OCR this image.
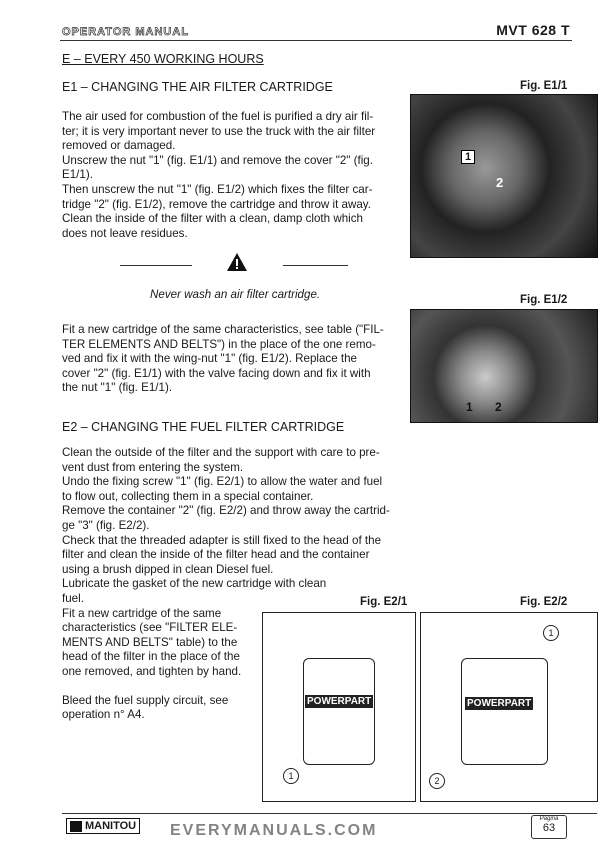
OPERATOR MANUAL	MVT 628 T
E – EVERY 450 WORKING HOURS
E1 – CHANGING THE AIR FILTER CARTRIDGE	Fig. E1/1
1
2
The air used for combustion of the fuel is purified a dry air fil-
ter; it is very important never to use the truck with the air filter
removed or damaged.
Unscrew the nut "1" (fig. E1/1) and remove the cover "2" (fig.
E1/1).
Then unscrew the nut "1" (fig. E1/2) which fixes the filter car-
tridge "2" (fig. E1/2), remove the cartridge and throw it away.
Clean the inside of the filter with a clean, damp cloth which
does not leave residues.
Never wash an air filter cartridge.	Fig. E1/2
1 2
Fit a new cartridge of the same characteristics, see table ("FIL-
TER ELEMENTS AND BELTS") in the place of the one remo-
ved and fix it with the wing-nut "1" (fig. E1/2). Replace the
cover "2" (fig. E1/1) with the valve facing down and fix it with
the nut "1" (fig. E1/1).
E2 – CHANGING THE FUEL FILTER CARTRIDGE
Clean the outside of the filter and the support with care to pre-
vent dust from entering the system.
Undo the fixing screw "1" (fig. E2/1) to allow the water and fuel
to flow out, collecting them in a special container.
Remove the container "2" (fig. E2/2) and throw away the cartrid-
ge "3" (fig. E2/2).
Check that the threaded adapter is still fixed to the head of the
filter and clean the inside of the filter head and the container
using a brush dipped in clean Diesel fuel.
Lubricate the gasket of the new cartridge with clean
fuel.
Fit a new cartridge of the same
characteristics (see "FILTER ELE-
MENTS AND BELTS" table) to the
head of the filter in the place of the
one removed, and tighten by hand.
Bleed the fuel supply circuit, see
operation n° A4.
Fig. E2/1	Fig. E2/2
POWERPART
1
POWERPART
1
2
MANITOU EVERYMANUALS.COM
Pagina
63
